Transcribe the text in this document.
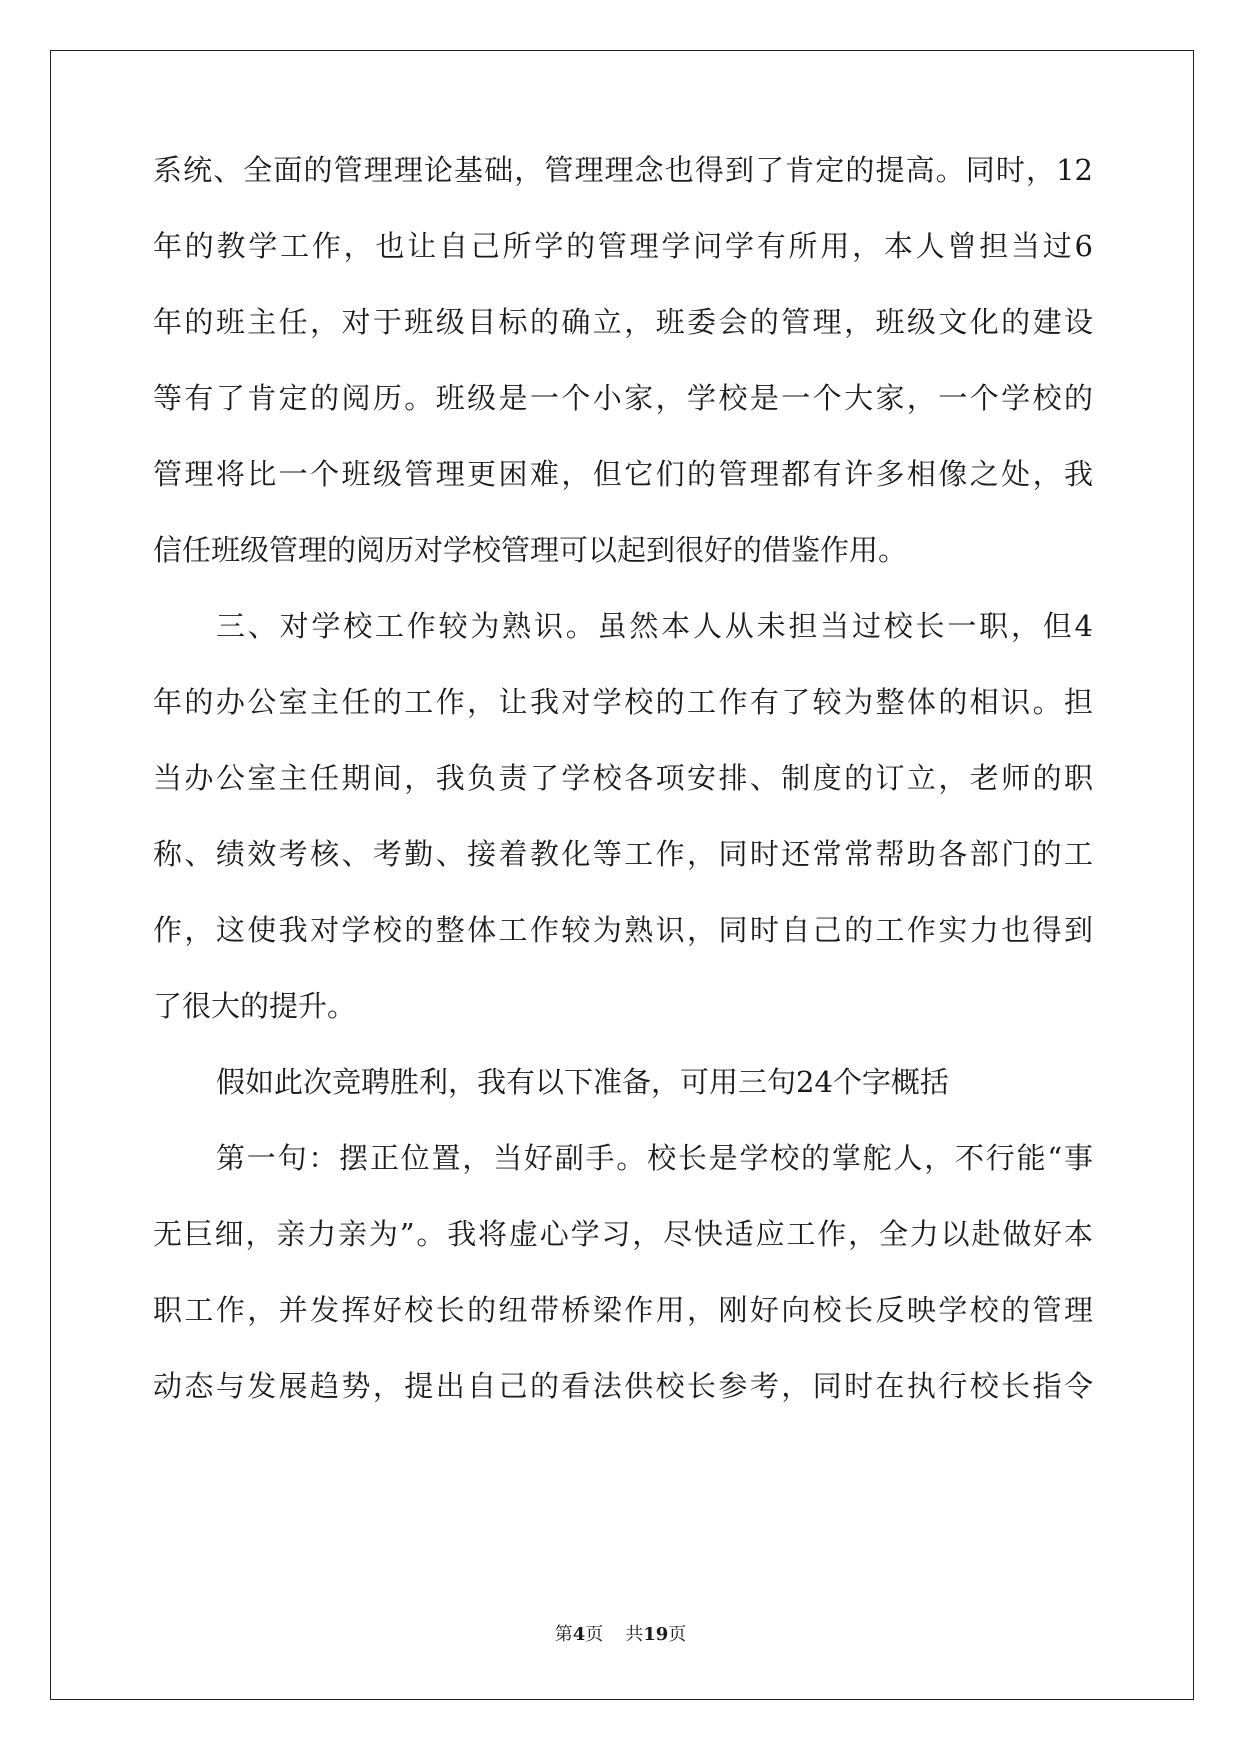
系统、全面的管理理论基础，管理理念也得到了肯定的提高。同时，12
年的教学工作，也让自己所学的管理学问学有所用，本人曾担当过6
年的班主任，对于班级目标的确立，班委会的管理，班级文化的建设
等有了肯定的阅历。班级是一个小家，学校是一个大家，一个学校的
管理将比一个班级管理更困难，但它们的管理都有许多相像之处，我
信任班级管理的阅历对学校管理可以起到很好的借鉴作用。
三、对学校工作较为熟识。虽然本人从未担当过校长一职，但4
年的办公室主任的工作，让我对学校的工作有了较为整体的相识。担
当办公室主任期间，我负责了学校各项安排、制度的订立，老师的职
称、绩效考核、考勤、接着教化等工作，同时还常常帮助各部门的工
作，这使我对学校的整体工作较为熟识，同时自己的工作实力也得到
了很大的提升。
假如此次竞聘胜利，我有以下准备，可用三句24个字概括
第一句：摆正位置，当好副手。校长是学校的掌舵人，不行能“事
无巨细，亲力亲为”。我将虚心学习，尽快适应工作，全力以赴做好本
职工作，并发挥好校长的纽带桥梁作用，刚好向校长反映学校的管理
动态与发展趋势，提出自己的看法供校长参考，同时在执行校长指令
第4页 共19页
